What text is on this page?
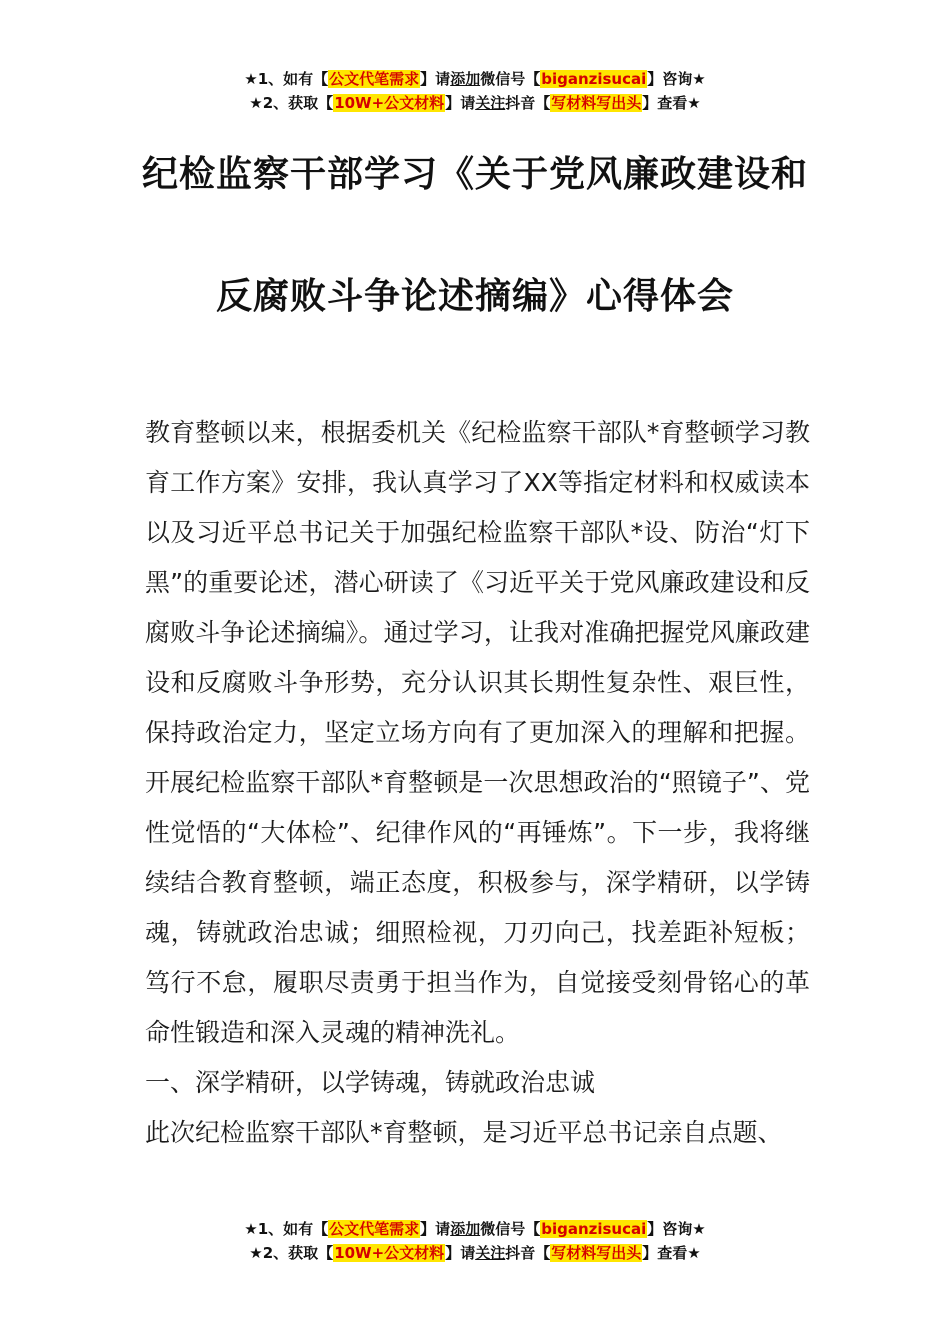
★1、如有【公文代笔需求】请添加微信号【biganzisucai】咨询★
★2、获取【10W+公文材料】请关注抖音【写材料写出头】查看★
纪检监察干部学习《关于党风廉政建设和
反腐败斗争论述摘编》心得体会

教育整顿以来，根据委机关《纪检监察干部队*育整顿学习教育工作方案》安排，我认真学习了XX等指定材料和权威读本以及习近平总书记关于加强纪检监察干部队*设、防治“灯下黑”的重要论述，潜心研读了《习近平关于党风廉政建设和反腐败斗争论述摘编》。通过学习，让我对准确把握党风廉政建设和反腐败斗争形势，充分认识其长期性复杂性、艰巨性，保持政治定力，坚定立场方向有了更加深入的理解和把握。开展纪检监察干部队*育整顿是一次思想政治的“照镜子”、党性觉悟的“大体检”、纪律作风的“再锤炼”。下一步，我将继续结合教育整顿，端正态度，积极参与，深学精研，以学铸魂，铸就政治忠诚；细照检视，刀刃向己，找差距补短板；笃行不怠，履职尽责勇于担当作为，自觉接受刻骨铭心的革命性锻造和深入灵魂的精神洗礼。

一、深学精研，以学铸魂，铸就政治忠诚

此次纪检监察干部队*育整顿，是习近平总书记亲自点题、

★1、如有【公文代笔需求】请添加微信号【biganzisucai】咨询★
★2、获取【10W+公文材料】请关注抖音【写材料写出头】查看★
